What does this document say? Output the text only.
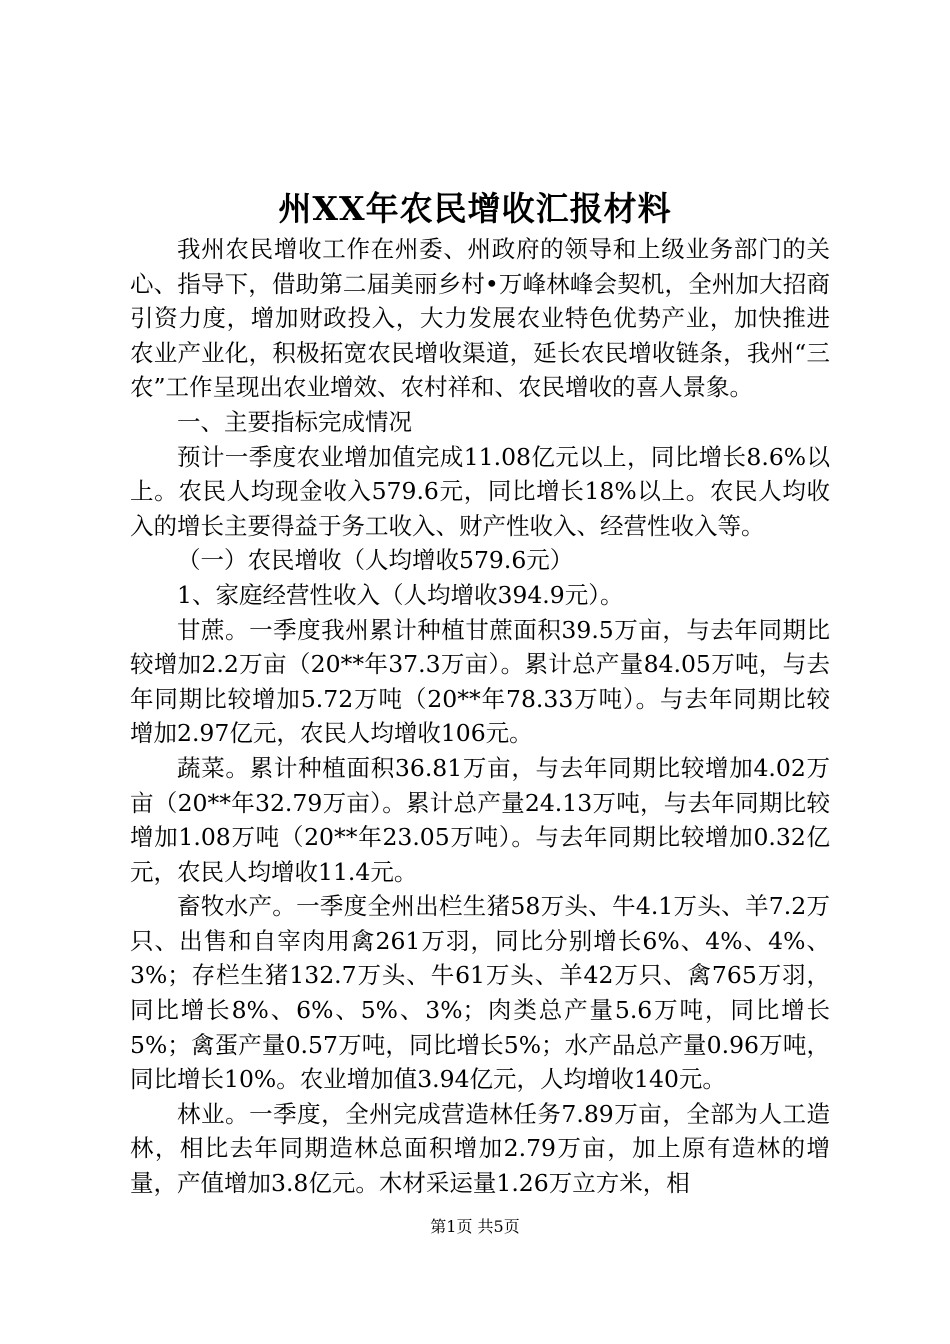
州XX年农民增收汇报材料

我州农民增收工作在州委、州政府的领导和上级业务部门的关心、指导下，借助第二届美丽乡村•万峰林峰会契机，全州加大招商引资力度，增加财政投入，大力发展农业特色优势产业，加快推进农业产业化，积极拓宽农民增收渠道，延长农民增收链条，我州“三农”工作呈现出农业增效、农村祥和、农民增收的喜人景象。

一、主要指标完成情况

预计一季度农业增加值完成11.08亿元以上，同比增长8.6%以上。农民人均现金收入579.6元，同比增长18%以上。农民人均收入的增长主要得益于务工收入、财产性收入、经营性收入等。

（一）农民增收（人均增收579.6元）

1、家庭经营性收入（人均增收394.9元）。

甘蔗。一季度我州累计种植甘蔗面积39.5万亩，与去年同期比较增加2.2万亩（20**年37.3万亩）。累计总产量84.05万吨，与去年同期比较增加5.72万吨（20**年78.33万吨）。与去年同期比较增加2.97亿元，农民人均增收106元。

蔬菜。累计种植面积36.81万亩，与去年同期比较增加4.02万亩（20**年32.79万亩）。累计总产量24.13万吨，与去年同期比较增加1.08万吨（20**年23.05万吨）。与去年同期比较增加0.32亿元，农民人均增收11.4元。

畜牧水产。一季度全州出栏生猪58万头、牛4.1万头、羊7.2万只、出售和自宰肉用禽261万羽，同比分别增长6%、4%、4%、3%；存栏生猪132.7万头、牛61万头、羊42万只、禽765万羽，同比增长8%、6%、5%、3%；肉类总产量5.6万吨，同比增长5%；禽蛋产量0.57万吨，同比增长5%；水产品总产量0.96万吨，同比增长10%。农业增加值3.94亿元，人均增收140元。

林业。一季度，全州完成营造林任务7.89万亩，全部为人工造林，相比去年同期造林总面积增加2.79万亩，加上原有造林的增量，产值增加3.8亿元。木材采运量1.26万立方米，相

第1页 共5页
